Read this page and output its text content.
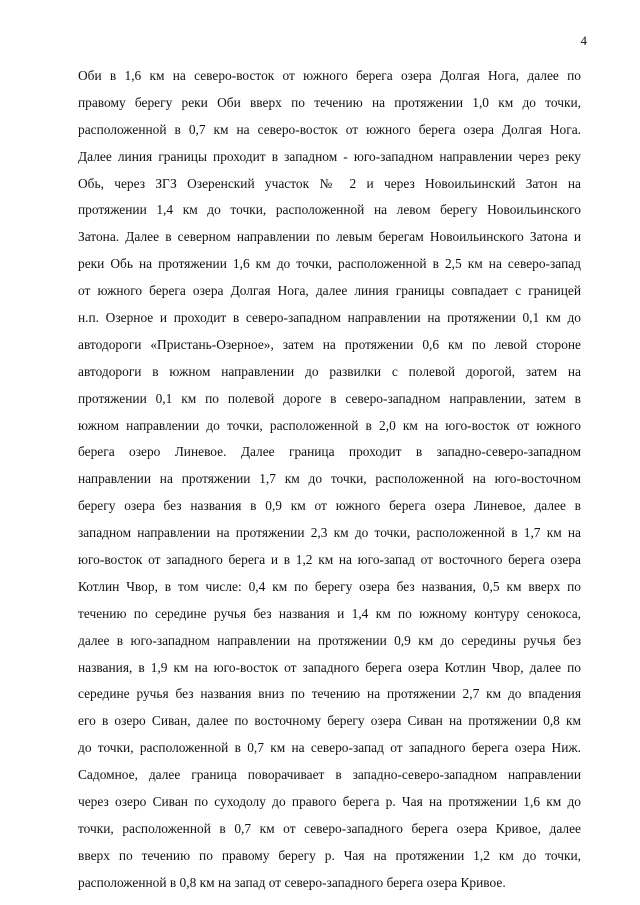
4
Оби в 1,6 км на северо-восток от южного берега озера Долгая Нога, далее по
правому берегу реки Оби вверх по течению на протяжении 1,0 км до точки,
расположенной в 0,7 км на северо-восток от южного берега озера Долгая Нога.
Далее линия границы проходит в западном - юго-западном направлении через реку
Обь, через ЗГЗ Озеренский участок № 2 и через Новоильинский Затон на
протяжении 1,4 км до точки, расположенной на левом берегу Новоильинского
Затона. Далее в северном направлении по левым берегам Новоильинского Затона и
реки Обь на протяжении 1,6 км до точки, расположенной в 2,5 км на северо-запад
от южного берега озера Долгая Нога, далее линия границы совпадает с границей
н.п. Озерное и проходит в северо-западном направлении на протяжении 0,1 км до
автодороги «Пристань-Озерное», затем на протяжении 0,6 км по левой стороне
автодороги в южном направлении до развилки с полевой дорогой, затем на
протяжении 0,1 км по полевой дороге в северо-западном направлении, затем в
южном направлении до точки, расположенной в 2,0 км на юго-восток от южного
берега озеро Линевое. Далее граница проходит в западно-северо-западном
направлении на протяжении 1,7 км до точки, расположенной на юго-восточном
берегу озера без названия в 0,9 км от южного берега озера Линевое, далее в
западном направлении на протяжении 2,3 км до точки, расположенной в 1,7 км на
юго-восток от западного берега и в 1,2 км на юго-запад от восточного берега озера
Котлин Чвор, в том числе: 0,4 км по берегу озера без названия, 0,5 км вверх по
течению по середине ручья без названия и 1,4 км по южному контуру сенокоса,
далее в юго-западном направлении на протяжении 0,9 км до середины ручья без
названия, в 1,9 км на юго-восток от западного берега озера Котлин Чвор, далее по
середине ручья без названия вниз по течению на протяжении 2,7 км до впадения
его в озеро Сиван, далее по восточному берегу озера Сиван на протяжении 0,8 км
до точки, расположенной в 0,7 км на северо-запад от западного берега озера Ниж.
Садомное, далее граница поворачивает в западно-северо-западном направлении
через озеро Сиван по суходолу до правого берега р. Чая на протяжении 1,6 км до
точки, расположенной в 0,7 км от северо-западного берега озера Кривое, далее
вверх по течению по правому берегу р. Чая на протяжении 1,2 км до точки,
расположенной в 0,8 км на запад от северо-западного берега озера Кривое.
